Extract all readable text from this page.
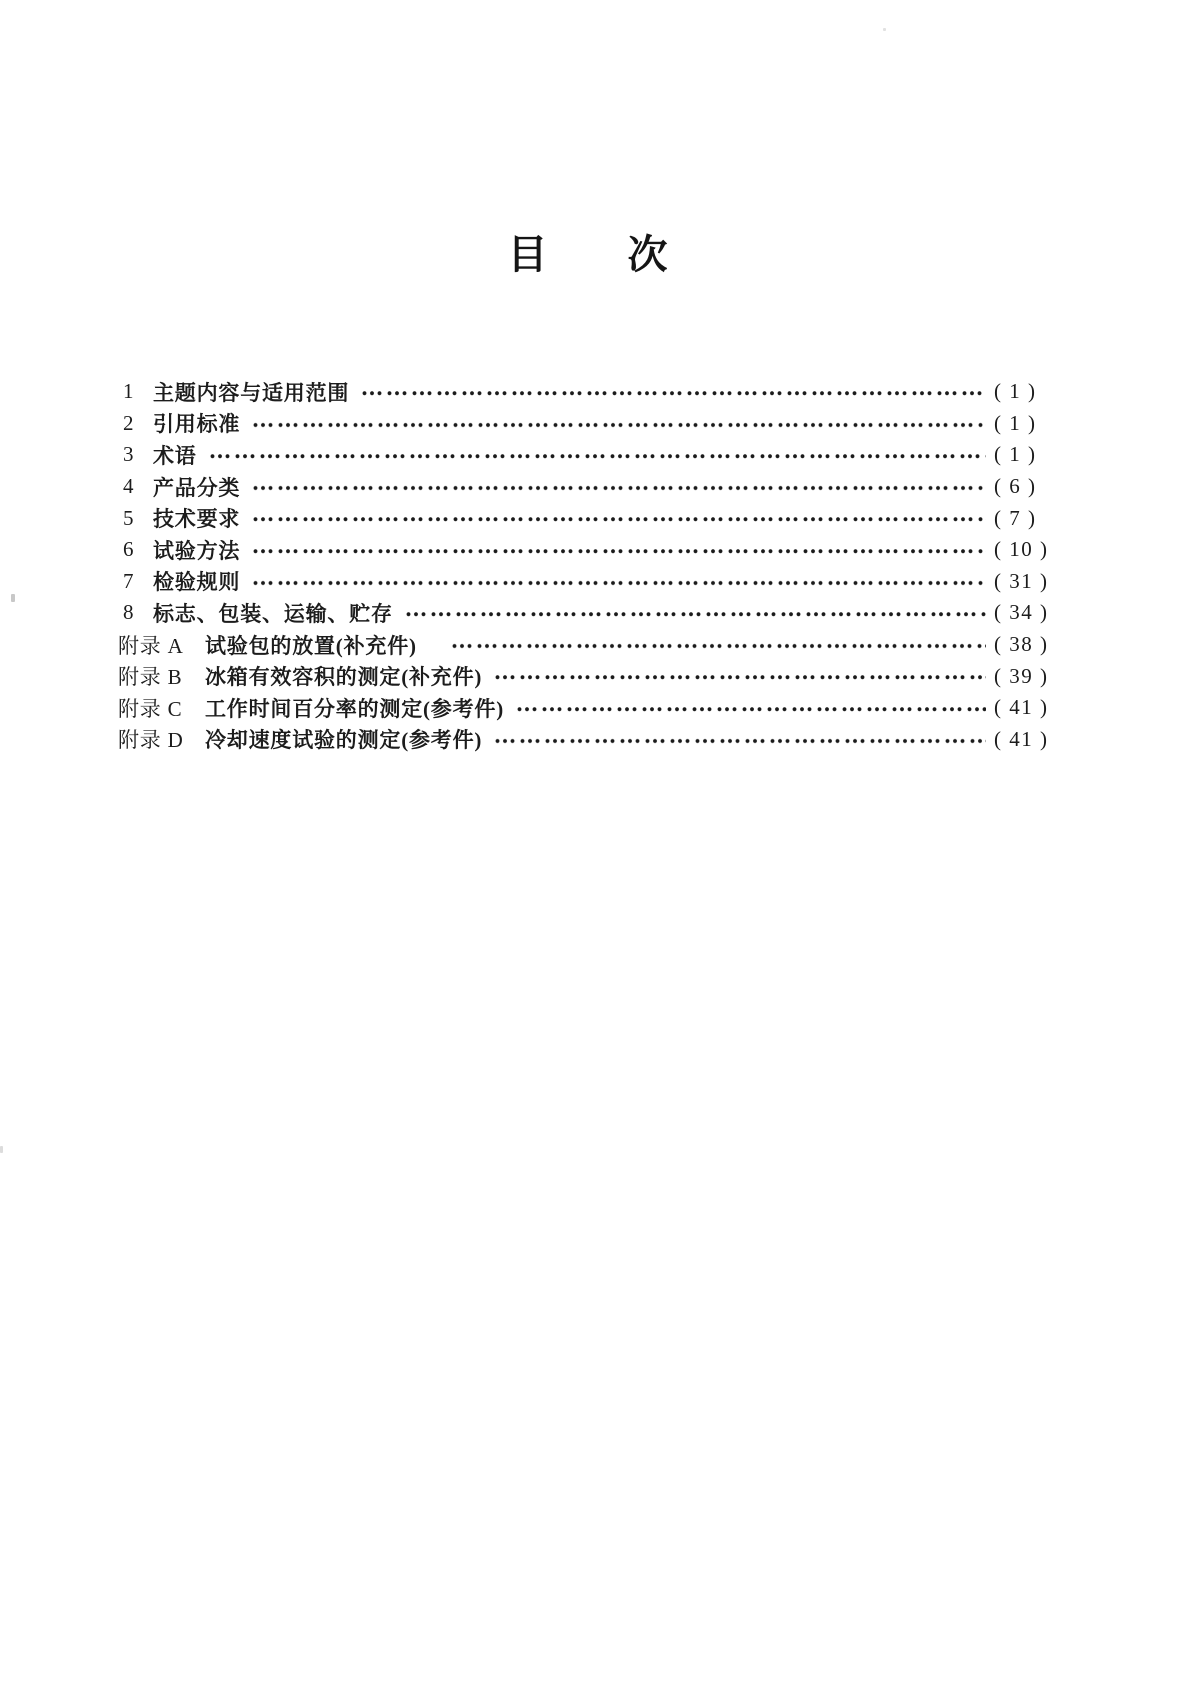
目　　次
1 主题内容与适用范围	( 1 )
2 引用标准	( 1 )
3 术语	( 1 )
4 产品分类	( 6 )
5 技术要求	( 7 )
6 试验方法	( 10 )
7 检验规则	( 31 )
8 标志、包装、运输、贮存	( 34 )
附录 A	试验包的放置(补充件)　	( 38 )
附录 B	冰箱有效容积的测定(补充件)	( 39 )
附录 C	工作时间百分率的测定(参考件)	( 41 )
附录 D	冷却速度试验的测定(参考件)	( 41 )
